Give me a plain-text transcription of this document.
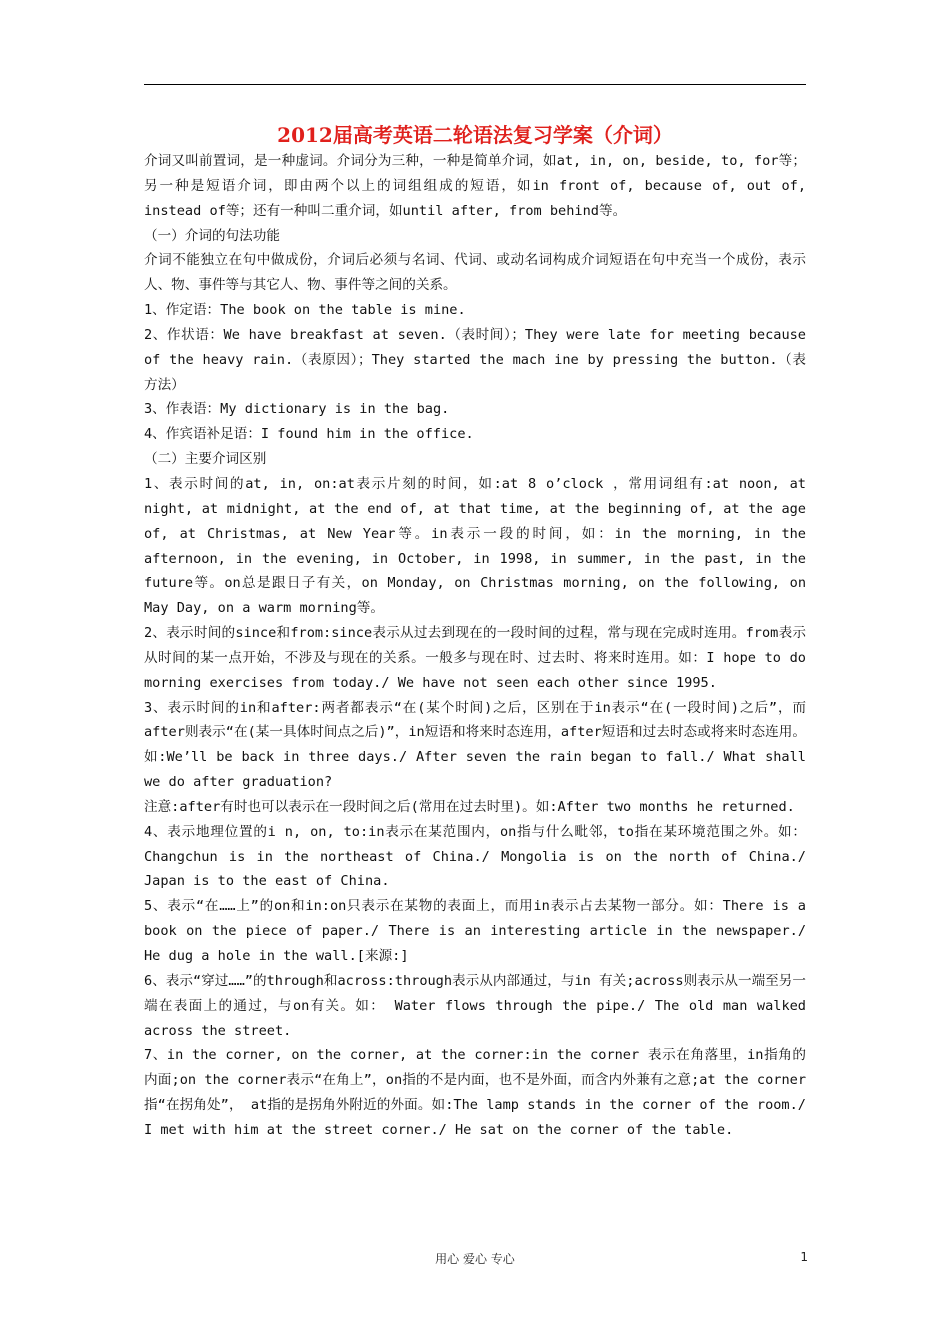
2012届高考英语二轮语法复习学案（介词）

介词又叫前置词，是一种虚词。介词分为三种，一种是简单介词，如at, in, on, beside, to, for等；另一种是短语介词，即由两个以上的词组组成的短语，如in front of, because of, out of, instead of等；还有一种叫二重介词，如until after, from behind等。

（一）介词的句法功能

介词不能独立在句中做成份，介词后必须与名词、代词、或动名词构成介词短语在句中充当一个成份，表示人、物、事件等与其它人、物、事件等之间的关系。

1、作定语：The book on the table is mine.

2、作状语：We have breakfast at seven.（表时间）；They were late for meeting because of the heavy rain.（表原因）；They started the mach ine by pressing the button.（表方法）

3、作表语：My dictionary is in the bag.

4、作宾语补足语：I found him in the office.

（二）主要介词区别

1、表示时间的at, in, on:at表示片刻的时间，如:at 8 o’clock ，常用词组有:at noon, at night, at midnight, at the end of, at that time, at the beginning of, at the age of, at Christmas, at New Year等。in表示一段的时间，如：in the morning, in the afternoon, in the evening, in October, in 1998, in summer, in the past, in the future等。on总是跟日子有关，on Monday, on Christmas morning, on the following, on May Day, on a warm morning等。

2、表示时间的since和from:since表示从过去到现在的一段时间的过程，常与现在完成时连用。from表示从时间的某一点开始，不涉及与现在的关系。一般多与现在时、过去时、将来时连用。如：I hope to do morning exercises from today./ We have not seen each other since 1995.

3、表示时间的in和after:两者都表示“在(某个时间)之后，区别在于in表示“在(一段时间)之后”，而after则表示“在(某一具体时间点之后)”，in短语和将来时态连用，after短语和过去时态或将来时态连用。如:We’ll be back in three days./ After seven the rain began to fall./ What shall we do after graduation?

注意:after有时也可以表示在一段时间之后(常用在过去时里)。如:After two months he returned.

4、表示地理位置的i n, on, to:in表示在某范围内，on指与什么毗邻，to指在某环境范围之外。如：Changchun is in the northeast of China./ Mongolia is on the north of China./ Japan is to the east of China.

5、表示“在……上”的on和in:on只表示在某物的表面上，而用in表示占去某物一部分。如：There is a book on the piece of paper./ There is an interesting article in the newspaper./ He dug a hole in the wall.[来源:]

6、表示“穿过……”的through和across:through表示从内部通过，与in 有关;across则表示从一端至另一端在表面上的通过，与on有关。如： Water flows through the pipe./ The old man walked across the street.

7、in the corner, on the corner, at the corner:in the corner 表示在角落里，in指角的内面;on the corner表示“在角上”，on指的不是内面，也不是外面，而含内外兼有之意;at the corner指“在拐角处”， at指的是拐角外附近的外面。如:The lamp stands in the corner of the room./ I met with him at the street corner./ He sat on the corner of the table.

用心 爱心 专心	1
